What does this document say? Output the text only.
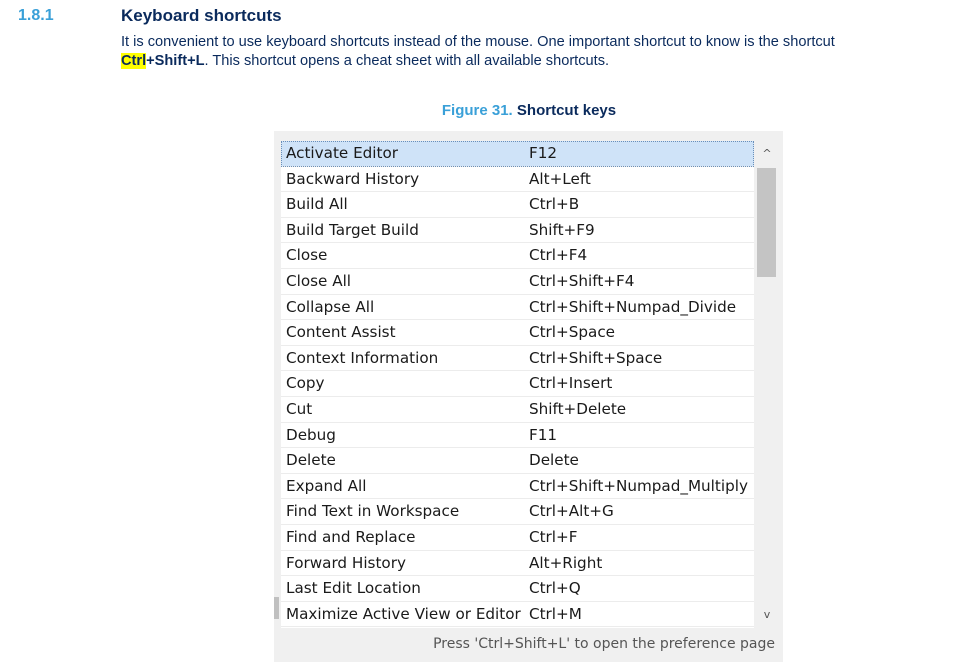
1.8.1	Keyboard shortcuts
It is convenient to use keyboard shortcuts instead of the mouse. One important shortcut to know is the shortcut
Ctrl+Shift+L. This shortcut opens a cheat sheet with all available shortcuts.
Figure 31. Shortcut keys
Activate Editor	F12
Backward History	Alt+Left
Build All	Ctrl+B
Build Target Build	Shift+F9
Close	Ctrl+F4
Close All	Ctrl+Shift+F4
Collapse All	Ctrl+Shift+Numpad_Divide
Content Assist	Ctrl+Space
Context Information	Ctrl+Shift+Space
Copy	Ctrl+Insert
Cut	Shift+Delete
Debug	F11
Delete	Delete
Expand All	Ctrl+Shift+Numpad_Multiply
Find Text in Workspace	Ctrl+Alt+G
Find and Replace	Ctrl+F
Forward History	Alt+Right
Last Edit Location	Ctrl+Q
Maximize Active View or Editor Ctrl+M
^
v
Press 'Ctrl+Shift+L' to open the preference page
